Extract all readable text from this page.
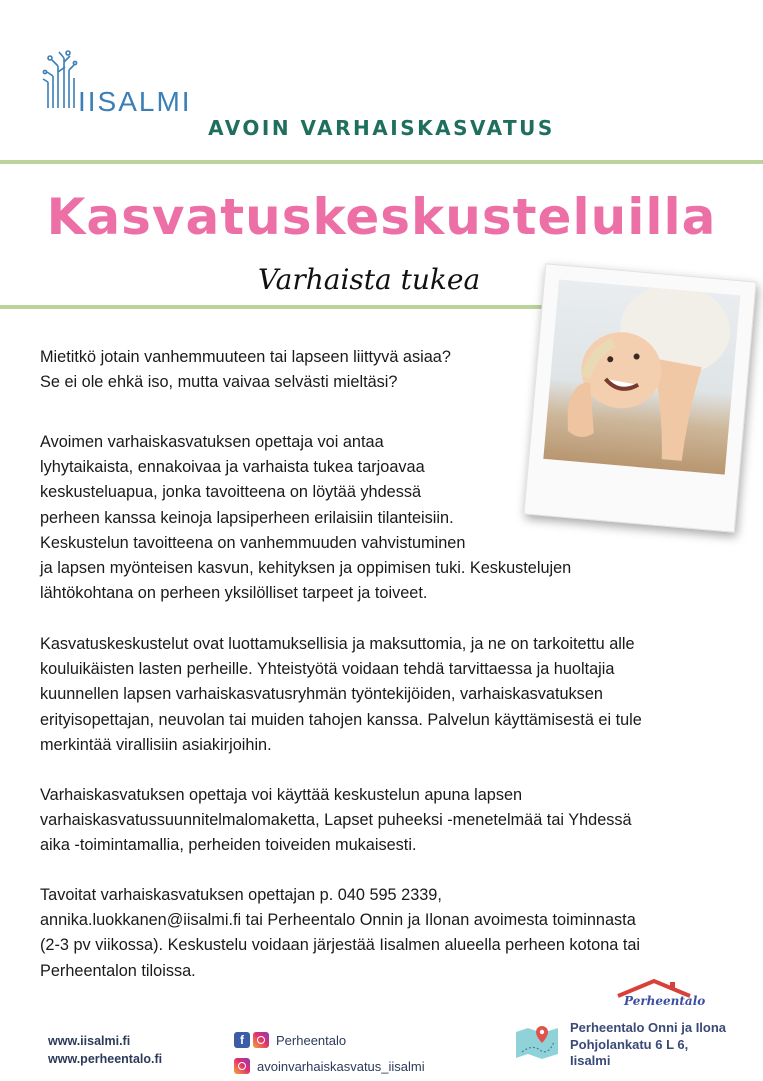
IISALMI
AVOIN VARHAISKASVATUS
Kasvatuskeskusteluilla
Varhaista tukea

Mietitkö jotain vanhemmuuteen tai lapseen liittyvä asiaa?

Se ei ole ehkä iso, mutta vaivaa selvästi mieltäsi?

Avoimen varhaiskasvatuksen opettaja voi antaa

lyhytaikaista, ennakoivaa ja varhaista tukea tarjoavaa

keskusteluapua, jonka tavoitteena on löytää yhdessä

perheen kanssa keinoja lapsiperheen erilaisiin tilanteisiin.

Keskustelun tavoitteena on vanhemmuuden vahvistuminen

ja lapsen myönteisen kasvun, kehityksen ja oppimisen tuki. Keskustelujen

lähtökohtana on perheen yksilölliset tarpeet ja toiveet.

Kasvatuskeskustelut ovat luottamuksellisia ja maksuttomia, ja ne on tarkoitettu alle

kouluikäisten lasten perheille. Yhteistyötä voidaan tehdä tarvittaessa ja huoltajia

kuunnellen lapsen varhaiskasvatusryhmän työntekijöiden, varhaiskasvatuksen

erityisopettajan, neuvolan tai muiden tahojen kanssa. Palvelun käyttämisestä ei tule

merkintää virallisiin asiakirjoihin.

Varhaiskasvatuksen opettaja voi käyttää keskustelun apuna lapsen

varhaiskasvatussuunnitelmalomaketta, Lapset puheeksi -menetelmää tai Yhdessä

aika -toimintamallia, perheiden toiveiden mukaisesti.

Tavoitat varhaiskasvatuksen opettajan p. 040 595 2339,

annika.luokkanen@iisalmi.fi tai Perheentalo Onnin ja Ilonan avoimesta toiminnasta

(2-3 pv viikossa). Keskustelu voidaan järjestää Iisalmen alueella perheen kotona tai

Perheentalon tiloissa.

www.iisalmi.fi
www.perheentalo.fi
f	Perheentalo
avoinvarhaiskasvatus_iisalmi
Perheentalo
Perheentalo Onni ja Ilona
Pohjolankatu 6 L 6,
Iisalmi
